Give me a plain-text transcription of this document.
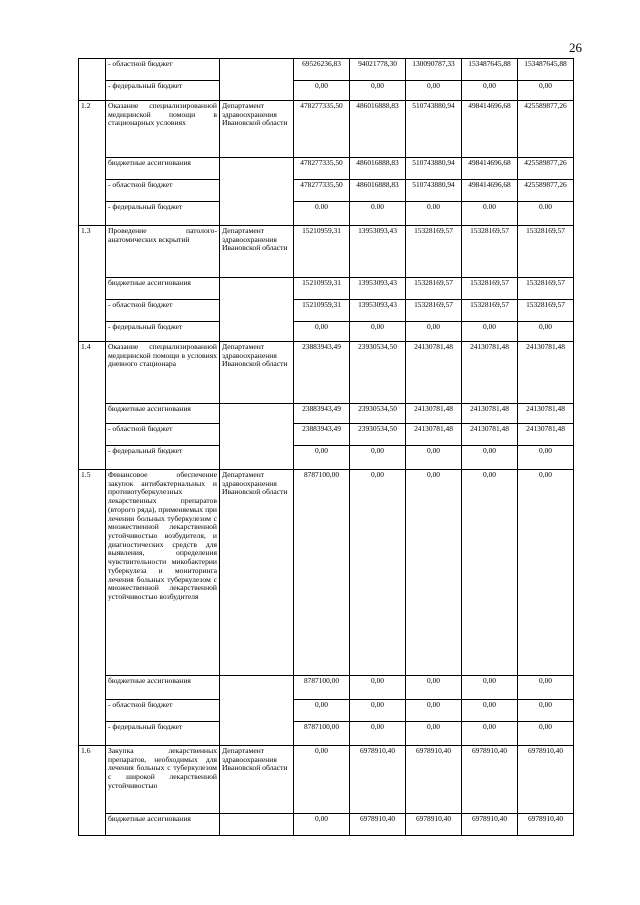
26
	- областной бюджет		69526236,83	94021778,30	130090787,33	153487645,88	153487645,88
	- федеральный бюджет		0,00	0,00	0,00	0,00	0,00
1.2	Оказание специализированной медицинской помощи в стационарных условиях	Департамент здравоохранения Ивановской области	478277335,50	486016888,83	510743880,94	498414696,68	425589877,26
	бюджетные ассигнования		478277335,50	486016888,83	510743880,94	498414696,68	425589877,26
	- областной бюджет		478277335,50	486016888,83	510743880,94	498414696,68	425589877,26
	- федеральный бюджет		0.00	0.00	0.00	0.00	0.00
1.3	Проведение патолого-анатомических вскрытий	Департамент здравоохранения Ивановской области	15210959,31	13953093,43	15328169,57	15328169,57	15328169,57
	бюджетные ассигнования		15210959,31	13953093,43	15328169,57	15328169,57	15328169,57
	- областной бюджет		15210959,31	13953093,43	15328169,57	15328169,57	15328169,57
	- федеральный бюджет		0,00	0,00	0,00	0,00	0,00
1.4	Оказание специализированной медицинской помощи в условиях дневного стационара	Департамент здравоохранения Ивановской области	23883943,49	23930534,50	24130781,48	24130781,48	24130781,48
	бюджетные ассигнования		23883943,49	23930534,50	24130781,48	24130781,48	24130781,48
	- областной бюджет		23883943,49	23930534,50	24130781,48	24130781,48	24130781,48
	- федеральный бюджет		0,00	0,00	0,00	0,00	0,00
1.5	Финансовое обеспечение закупок антибактериальных и противотуберкулезных лекарственных препаратов (второго ряда), применяемых при лечении больных туберкулезом с множественной лекарственной устойчивостью возбудителя, и диагностических средств для выявления, определения чувствительности микобактерии туберкулеза и мониторинга лечения больных туберкулезом с множественной лекарственной устойчивостью возбудителя	Департамент здравоохранения Ивановской области	8787100,00	0,00	0,00	0,00	0,00
	бюджетные ассигнования		8787100,00	0,00	0,00	0,00	0,00
	- областной бюджет		0,00	0,00	0,00	0,00	0,00
	- федеральный бюджет		8787100,00	0,00	0,00	0,00	0,00
1.6	Закупка лекарственных препаратов, необходимых для лечения больных с туберкулезом с широкой лекарственной устойчивостью	Департамент здравоохранения Ивановской области	0,00	6978910,40	6978910,40	6978910,40	6978910,40
	бюджетные ассигнования		0,00	6978910,40	6978910,40	6978910,40	6978910,40
